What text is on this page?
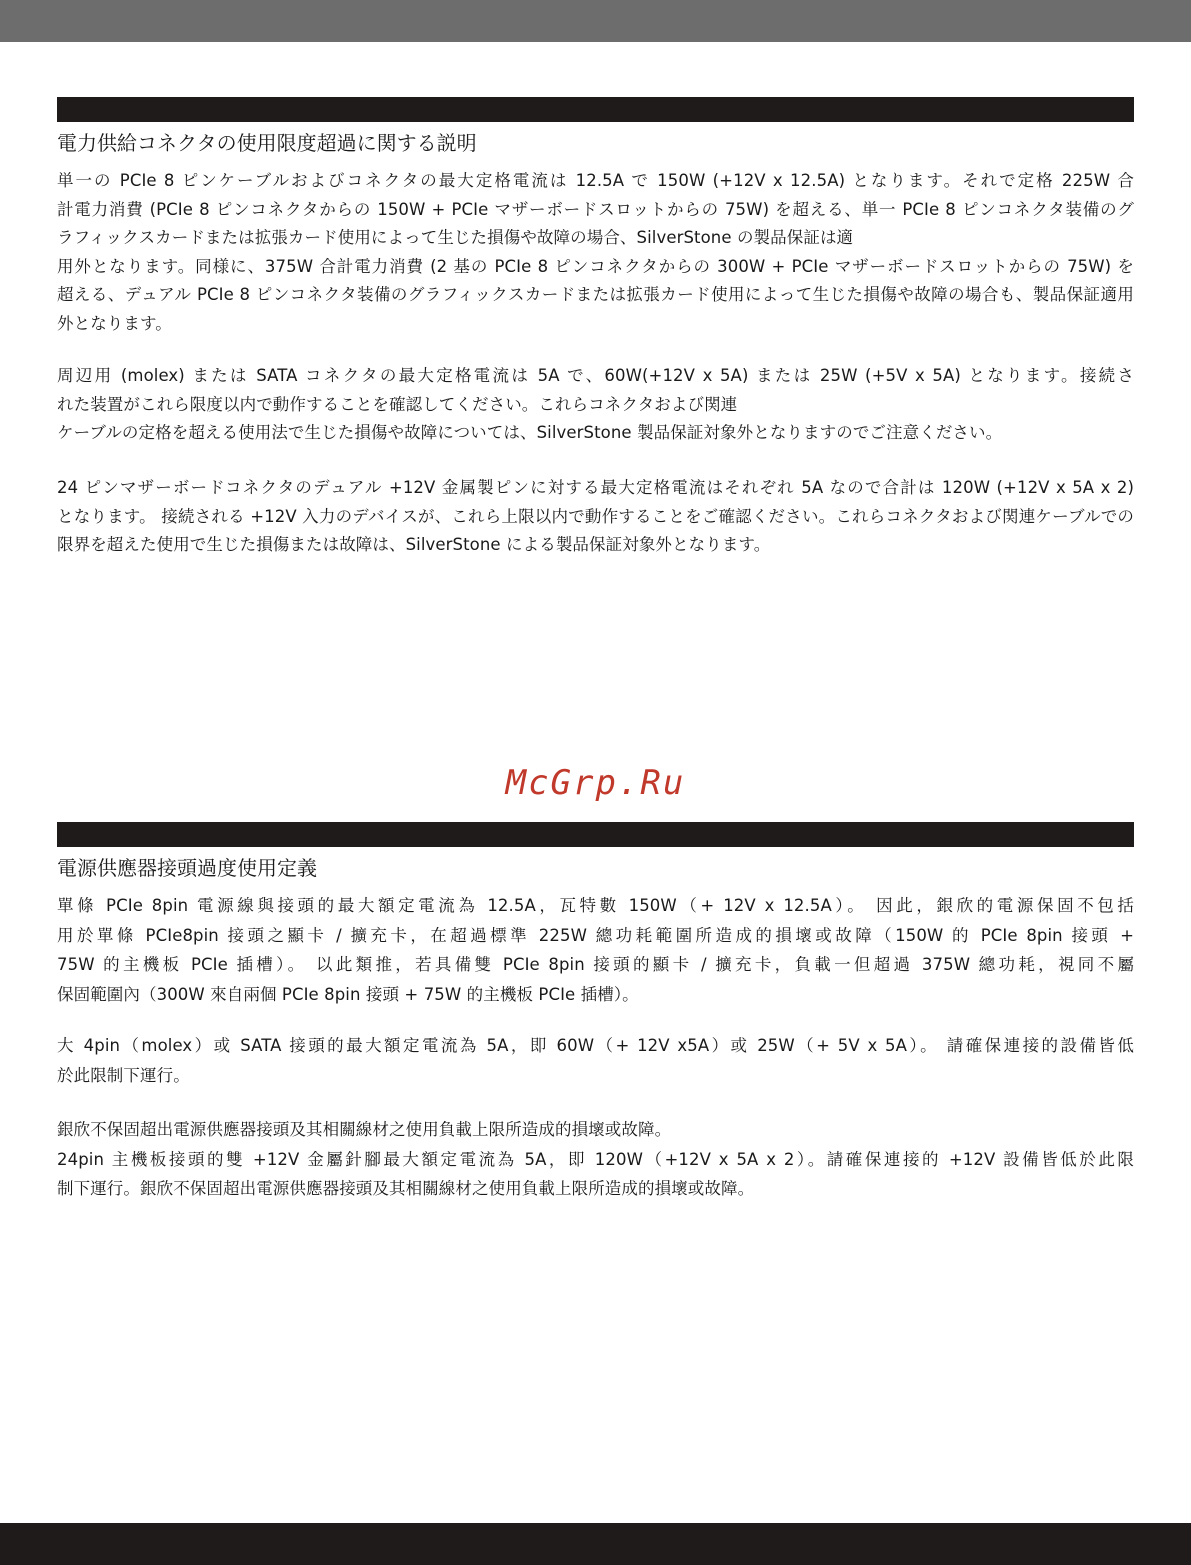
電力供給コネクタの使用限度超過に関する説明
単一の PCIe 8 ピンケーブルおよびコネクタの最大定格電流は 12.5A で 150W (+12V x 12.5A) となります。それで定格 225W 合
計電力消費 (PCIe 8 ピンコネクタからの 150W + PCIe マザーボードスロットからの 75W) を超える、単一 PCIe 8 ピンコネクタ装備のグ
ラフィックスカードまたは拡張カード使用によって生じた損傷や故障の場合、SilverStone の製品保証は適
用外となります。同様に、375W 合計電力消費 (2 基の PCIe 8 ピンコネクタからの 300W + PCIe マザーボードスロットからの 75W) を
超える、デュアル PCIe 8 ピンコネクタ装備のグラフィックスカードまたは拡張カード使用によって生じた損傷や故障の場合も、製品保証適用
外となります。
周辺用 (molex) または SATA コネクタの最大定格電流は 5A で、60W(+12V x 5A) または 25W (+5V x 5A) となります。接続さ
れた装置がこれら限度以内で動作することを確認してください。これらコネクタおよび関連
ケーブルの定格を超える使用法で生じた損傷や故障については、SilverStone 製品保証対象外となりますのでご注意ください。
24 ピンマザーボードコネクタのデュアル +12V 金属製ピンに対する最大定格電流はそれぞれ 5A なので合計は 120W (+12V x 5A x 2)
となります。 接続される +12V 入力のデバイスが、これら上限以内で動作することをご確認ください。これらコネクタおよび関連ケーブルでの
限界を超えた使用で生じた損傷または故障は、SilverStone による製品保証対象外となります。
McGrp.Ru
電源供應器接頭過度使用定義
單條 PCIe 8pin 電源線與接頭的最大額定電流為 12.5A，瓦特數 150W（+ 12V x 12.5A）。 因此，銀欣的電源保固不包括
用於單條 PCIe8pin 接頭之顯卡 / 擴充卡，在超過標準 225W 總功耗範圍所造成的損壞或故障（150W 的 PCIe 8pin 接頭 +
75W 的主機板 PCIe 插槽）。 以此類推，若具備雙 PCIe 8pin 接頭的顯卡 / 擴充卡，負載一但超過 375W 總功耗，視同不屬
保固範圍內（300W 來自兩個 PCIe 8pin 接頭 + 75W 的主機板 PCIe 插槽）。
大 4pin（molex）或 SATA 接頭的最大額定電流為 5A，即 60W（+ 12V x5A）或 25W（+ 5V x 5A）。 請確保連接的設備皆低
於此限制下運行。
銀欣不保固超出電源供應器接頭及其相關線材之使用負載上限所造成的損壞或故障。
24pin 主機板接頭的雙 +12V 金屬針腳最大額定電流為 5A，即 120W（+12V x 5A x 2）。請確保連接的 +12V 設備皆低於此限
制下運行。銀欣不保固超出電源供應器接頭及其相關線材之使用負載上限所造成的損壞或故障。
